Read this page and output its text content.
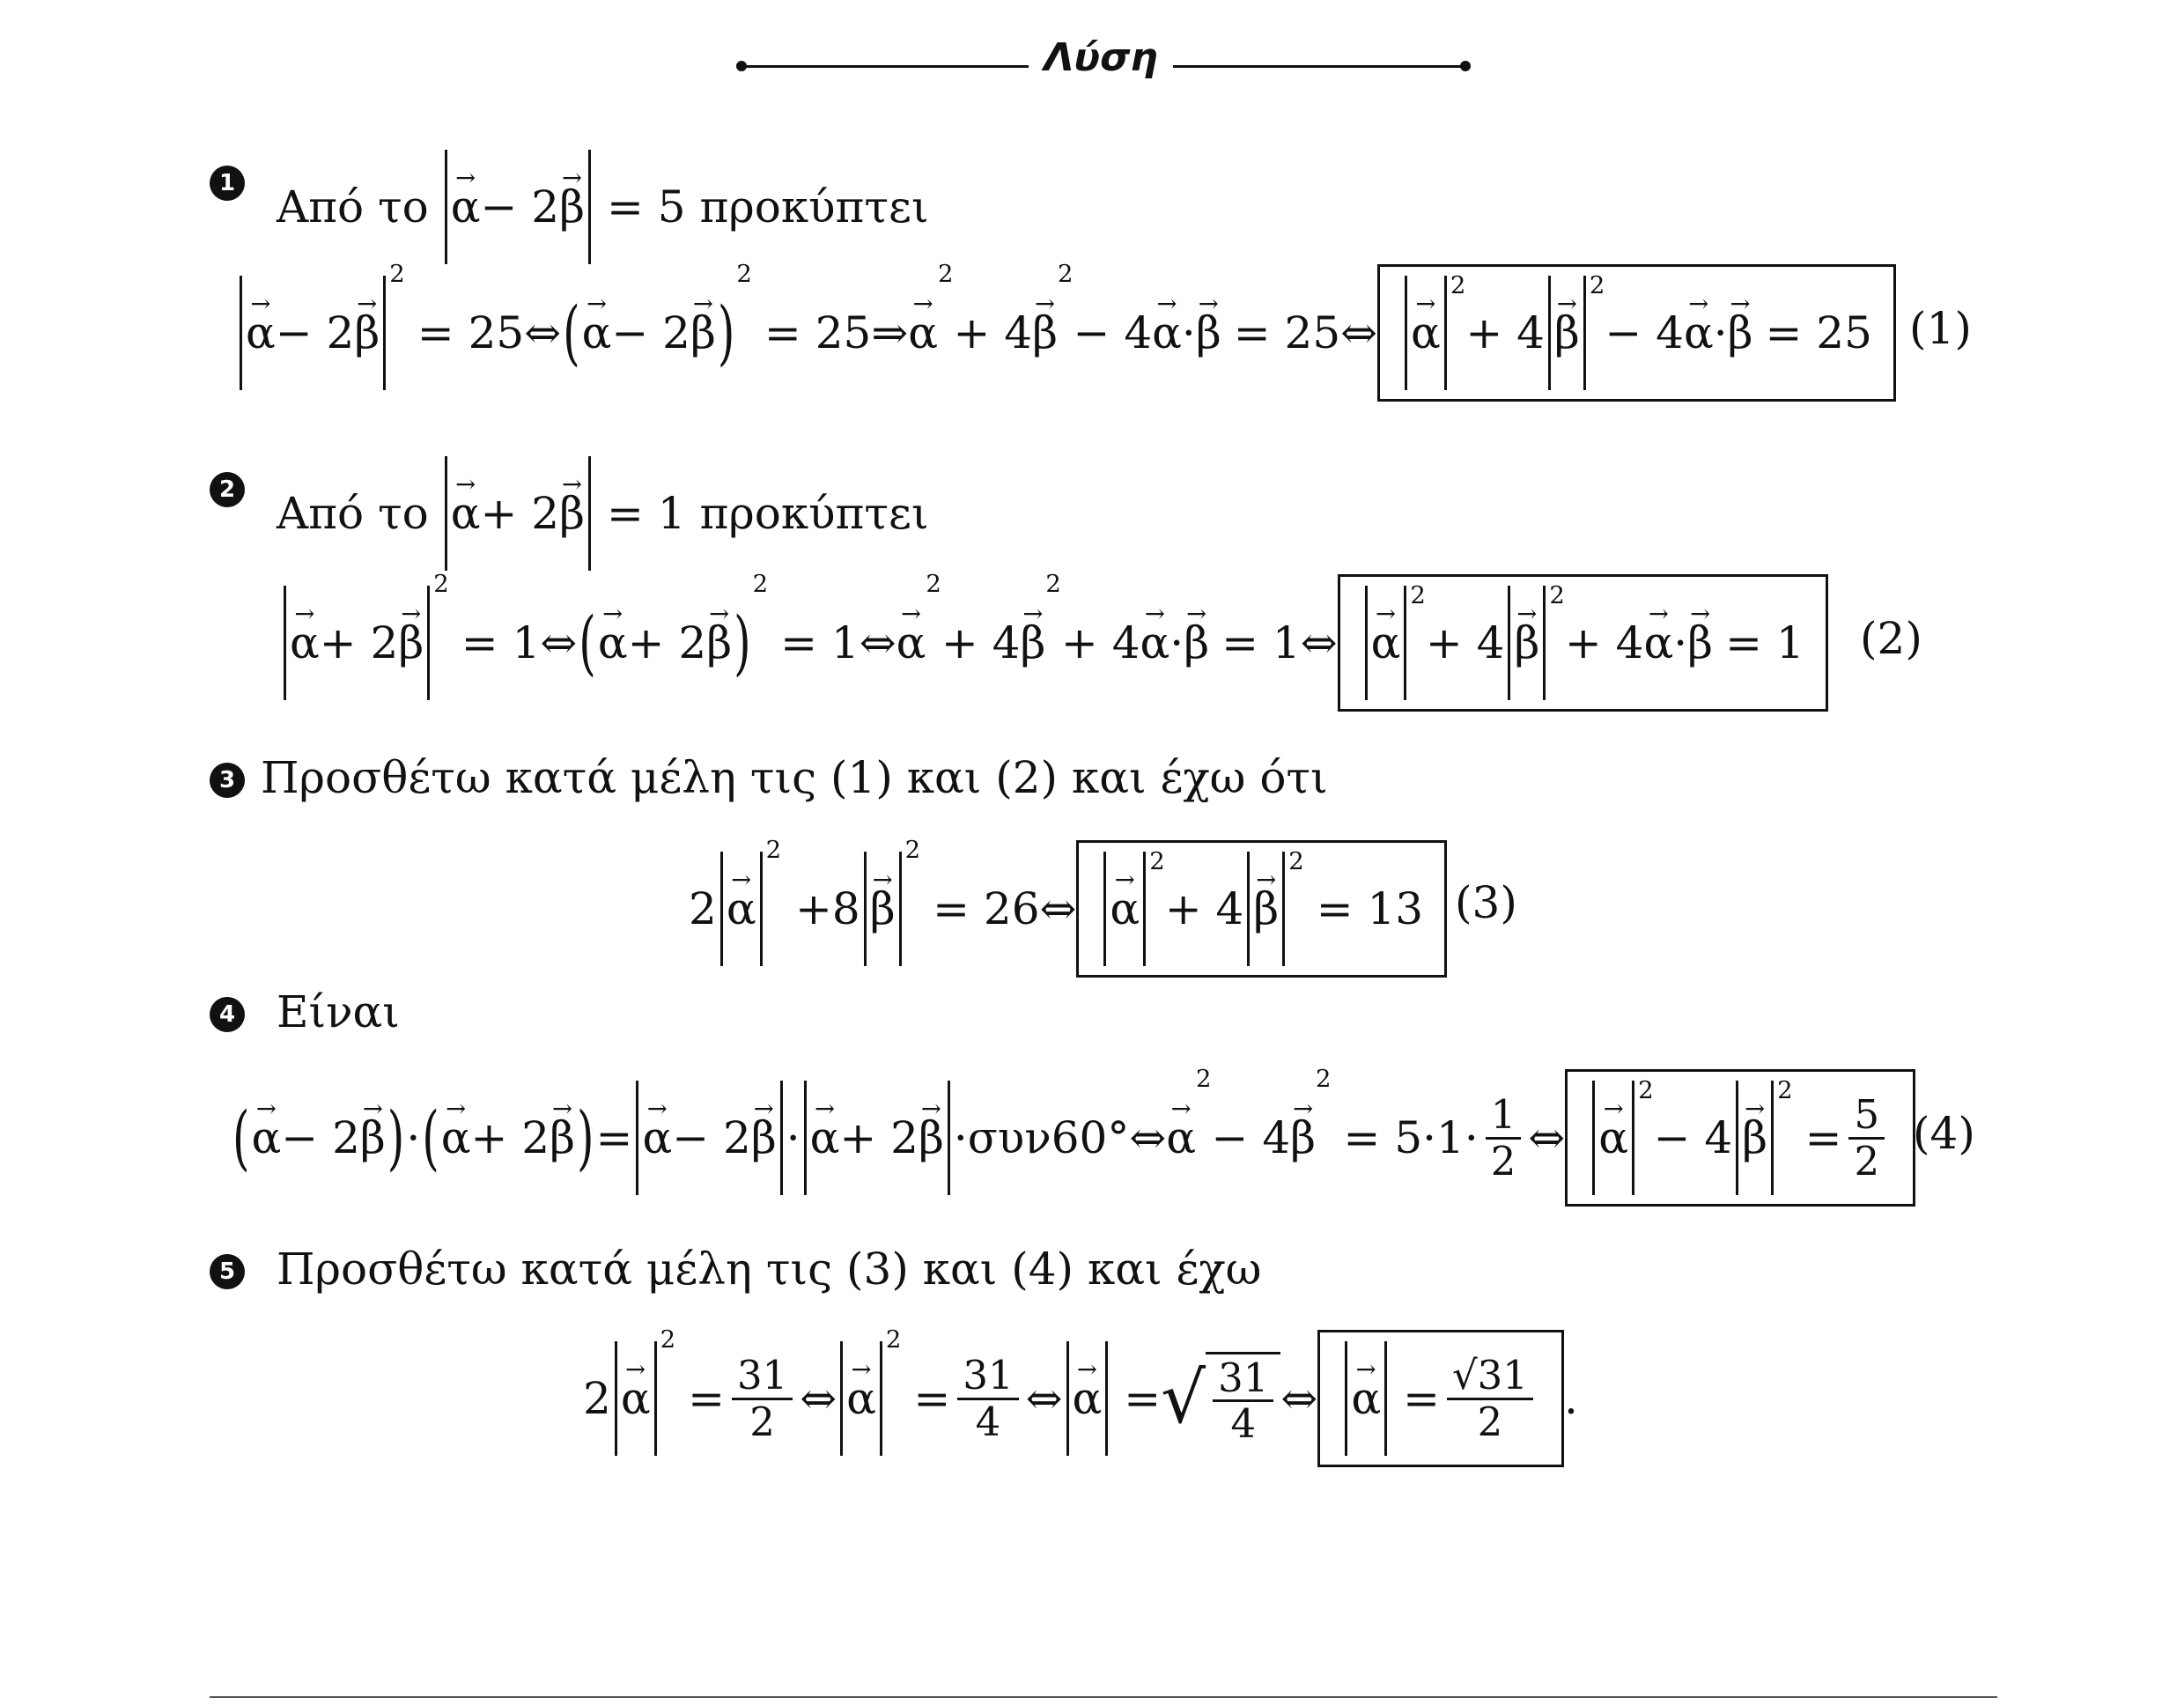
Λύση
1 Από το → α − 2 → β = 5 προκύπτει
→ α − 2 → β
2
= 25 ⇔ ( → α − 2 → β )
2
= 25 ⇒ → α
2
+ 4 → β
2
− 4 → α · → β = 25 ⇔ → α
2
+ 4 → β
2
− 4 → α · → β = 25 (1)
2 Από το → α + 2 → β = 1 προκύπτει
→ α + 2 → β
2
= 1 ⇔ ( → α + 2 → β )
2
= 1 ⇔ → α
2
+ 4 → β
2
+ 4 → α · → β = 1 ⇔ → α
2
+ 4 → β
2
+ 4 → α · → β = 1 (2)
3 Προσθέτω κατά μέλη τις (1) και (2) και έχω ότι
2 → α
2
+ 8 → β
2
= 26 ⇔ → α
2
+ 4 → β
2
= 13 (3)
4 Είναι
( → α − 2 → β ) · ( → α + 2 → β ) = → α − 2 → β · → α + 2 → β ·συν60° ⇔ → α
2
− 4 → β
2
= $5\cdot 1\cdot \frac{1}{2}$ ⇔ → α
2
− 4 → β
2
= $\frac{5}{2} (4)$
5 Προσθέτω κατά μέλη τις (3) και (4) και έχω
2 → α
2
= $\frac{31}{2}$ ⇔ → α
2
= $\frac{31}{4}$ ⇔ → α = √ $\frac{31}{4}$ ⇔ → $\alpha = \frac{√31}{2}$ .
